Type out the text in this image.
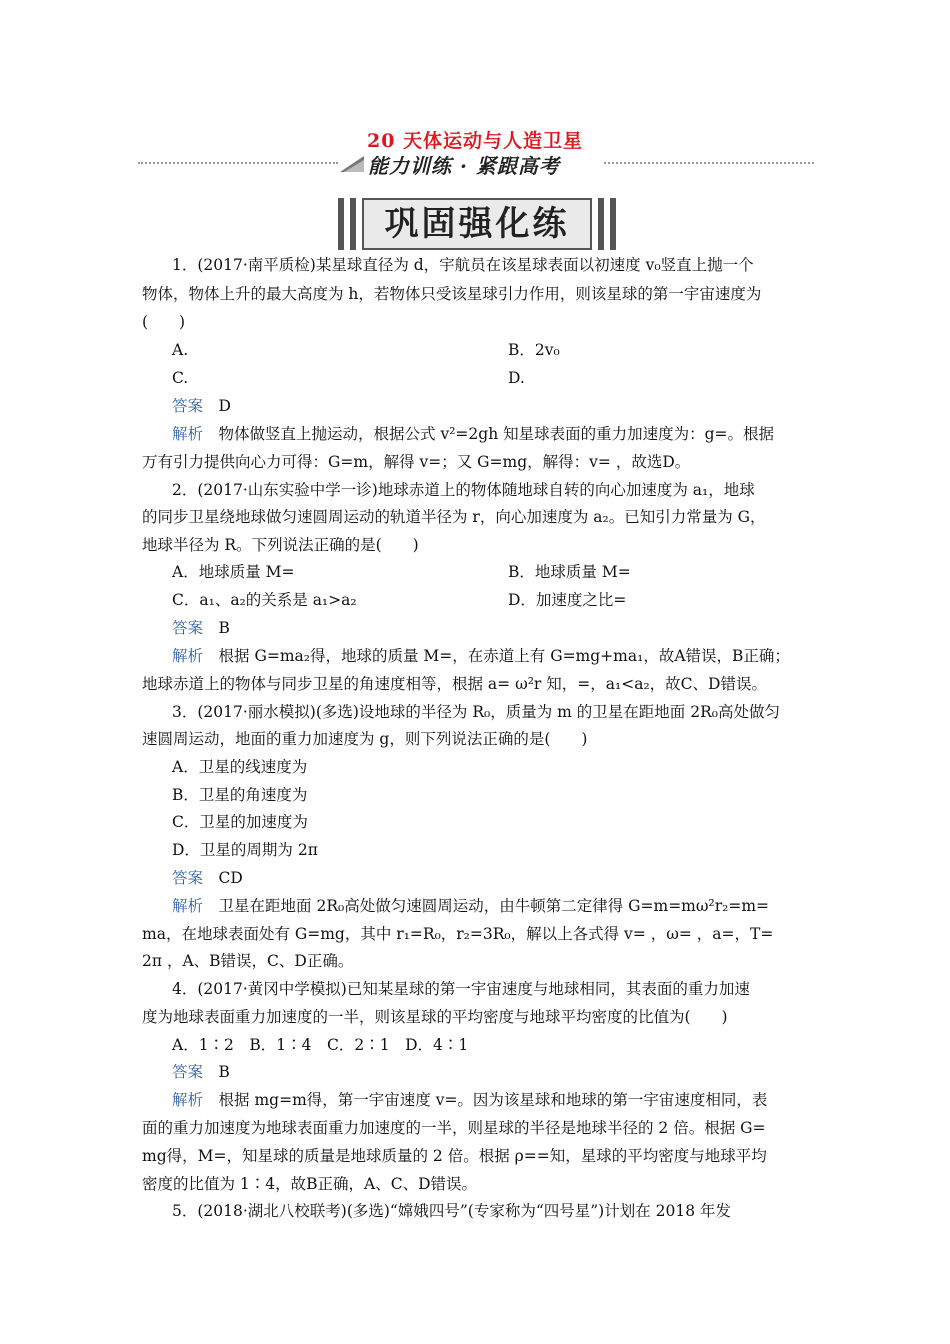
20 天体运动与人造卫星
能力训练 · 紧跟高考
巩固强化练
1．(2017·南平质检)某星球直径为 d，宇航员在该星球表面以初速度 v₀竖直上抛一个
物体，物体上升的最大高度为 h，若物体只受该星球引力作用，则该星球的第一宇宙速度为
(　　)
A.	B．2v₀
C.	D.
答案　 D
解析　 物体做竖直上抛运动，根据公式 v²=2gh 知星球表面的重力加速度为：g=。根据
万有引力提供向心力可得：G=m，解得 v=；又 G=mg，解得：v= ，故选D。
2．(2017·山东实验中学一诊)地球赤道上的物体随地球自转的向心加速度为 a₁，地球
的同步卫星绕地球做匀速圆周运动的轨道半径为 r，向心加速度为 a₂。已知引力常量为 G，
地球半径为 R。下列说法正确的是(　　)
A．地球质量 M=	B．地球质量 M=
C．a₁、a₂的关系是 a₁>a₂	D．加速度之比=
答案　 B
解析　 根据 G=ma₂得，地球的质量 M=，在赤道上有 G=mg+ma₁，故A错误，B正确；
地球赤道上的物体与同步卫星的角速度相等，根据 a= ω²r 知，=，a₁<a₂，故C、D错误。
3．(2017·丽水模拟)(多选)设地球的半径为 R₀，质量为 m 的卫星在距地面 2R₀高处做匀
速圆周运动，地面的重力加速度为 g，则下列说法正确的是(　　)
A．卫星的线速度为
B．卫星的角速度为
C．卫星的加速度为
D．卫星的周期为 2π
答案　 CD
解析　 卫星在距地面 2R₀高处做匀速圆周运动，由牛顿第二定律得 G=m=mω²r₂=m=
ma，在地球表面处有 G=mg，其中 r₁=R₀，r₂=3R₀，解以上各式得 v= ，ω= ，a=，T=
2π ，A、B错误，C、D正确。
4．(2017·黄冈中学模拟)已知某星球的第一宇宙速度与地球相同，其表面的重力加速
度为地球表面重力加速度的一半，则该星球的平均密度与地球平均密度的比值为(　　)
A．1∶2　B．1∶4　C．2∶1　D．4∶1
答案　 B
解析　 根据 mg=m得，第一宇宙速度 v=。因为该星球和地球的第一宇宙速度相同，表
面的重力加速度为地球表面重力加速度的一半，则星球的半径是地球半径的 2 倍。根据 G=
mg得，M=，知星球的质量是地球质量的 2 倍。根据 ρ==知，星球的平均密度与地球平均
密度的比值为 1∶4，故B正确，A、C、D错误。
5．(2018·湖北八校联考)(多选)“嫦娥四号”(专家称为“四号星”)计划在 2018 年发
